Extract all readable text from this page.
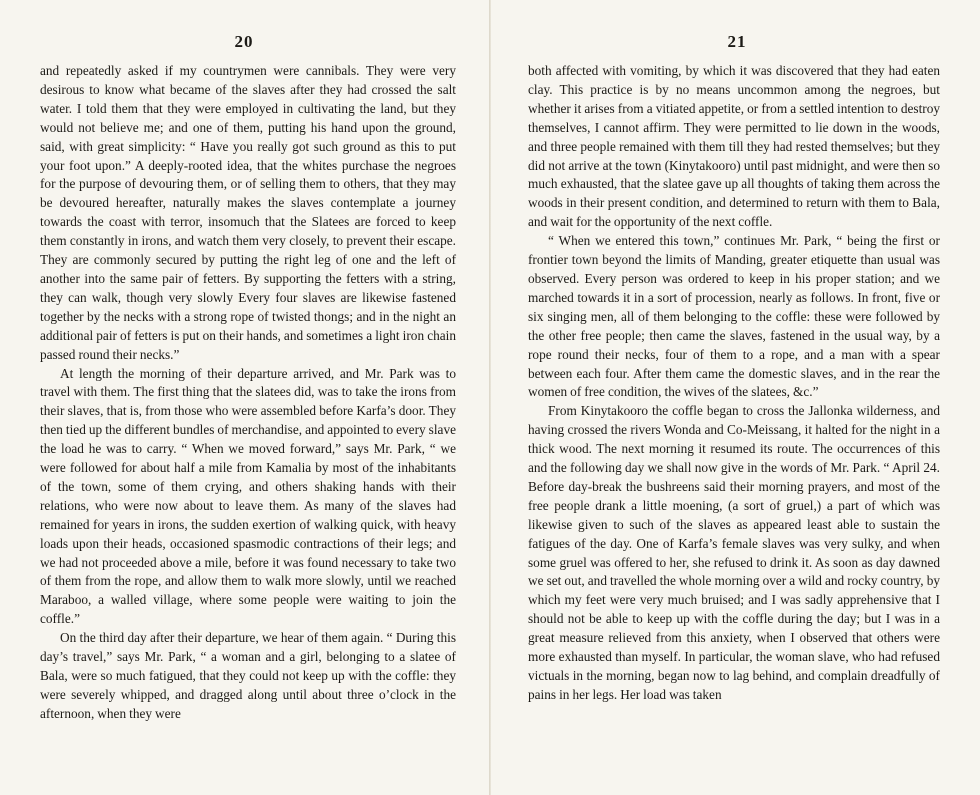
20

and repeatedly asked if my countrymen were cannibals. They were very desirous to know what became of the slaves after they had crossed the salt water. I told them that they were employed in cultivating the land, but they would not believe me; and one of them, putting his hand upon the ground, said, with great simplicity: “ Have you really got such ground as this to put your foot upon.” A deeply-rooted idea, that the whites purchase the negroes for the purpose of devouring them, or of selling them to others, that they may be devoured hereafter, naturally makes the slaves contemplate a journey towards the coast with terror, insomuch that the Slatees are forced to keep them constantly in irons, and watch them very closely, to prevent their escape. They are commonly secured by putting the right leg of one and the left of another into the same pair of fetters. By supporting the fetters with a string, they can walk, though very slowly Every four slaves are likewise fastened together by the necks with a strong rope of twisted thongs; and in the night an additional pair of fetters is put on their hands, and sometimes a light iron chain passed round their necks.”

At length the morning of their departure arrived, and Mr. Park was to travel with them. The first thing that the slatees did, was to take the irons from their slaves, that is, from those who were assembled before Karfa’s door. They then tied up the different bundles of merchandise, and appointed to every slave the load he was to carry. “ When we moved forward,” says Mr. Park, “ we were followed for about half a mile from Kamalia by most of the inhabitants of the town, some of them crying, and others shaking hands with their relations, who were now about to leave them. As many of the slaves had remained for years in irons, the sudden exertion of walking quick, with heavy loads upon their heads, occasioned spasmodic contractions of their legs; and we had not proceeded above a mile, before it was found necessary to take two of them from the rope, and allow them to walk more slowly, until we reached Maraboo, a walled village, where some people were waiting to join the coffle.”

On the third day after their departure, we hear of them again. “ During this day’s travel,” says Mr. Park, “ a woman and a girl, belonging to a slatee of Bala, were so much fatigued, that they could not keep up with the coffle: they were severely whipped, and dragged along until about three o’clock in the afternoon, when they were

21

both affected with vomiting, by which it was discovered that they had eaten clay. This practice is by no means uncommon among the negroes, but whether it arises from a vitiated appetite, or from a settled intention to destroy themselves, I cannot affirm. They were permitted to lie down in the woods, and three people remained with them till they had rested themselves; but they did not arrive at the town (Kinytakooro) until past midnight, and were then so much exhausted, that the slatee gave up all thoughts of taking them across the woods in their present condition, and determined to return with them to Bala, and wait for the opportunity of the next coffle.

“ When we entered this town,” continues Mr. Park, “ being the first or frontier town beyond the limits of Manding, greater etiquette than usual was observed. Every person was ordered to keep in his proper station; and we marched towards it in a sort of procession, nearly as follows. In front, five or six singing men, all of them belonging to the coffle: these were followed by the other free people; then came the slaves, fastened in the usual way, by a rope round their necks, four of them to a rope, and a man with a spear between each four. After them came the domestic slaves, and in the rear the women of free condition, the wives of the slatees, &c.”

From Kinytakooro the coffle began to cross the Jallonka wilderness, and having crossed the rivers Wonda and Co-Meissang, it halted for the night in a thick wood. The next morning it resumed its route. The occurrences of this and the following day we shall now give in the words of Mr. Park. “ April 24. Before day-break the bushreens said their morning prayers, and most of the free people drank a little moening, (a sort of gruel,) a part of which was likewise given to such of the slaves as appeared least able to sustain the fatigues of the day. One of Karfa’s female slaves was very sulky, and when some gruel was offered to her, she refused to drink it. As soon as day dawned we set out, and travelled the whole morning over a wild and rocky country, by which my feet were very much bruised; and I was sadly apprehensive that I should not be able to keep up with the coffle during the day; but I was in a great measure relieved from this anxiety, when I observed that others were more exhausted than myself. In particular, the woman slave, who had refused victuals in the morning, began now to lag behind, and complain dreadfully of pains in her legs. Her load was taken
